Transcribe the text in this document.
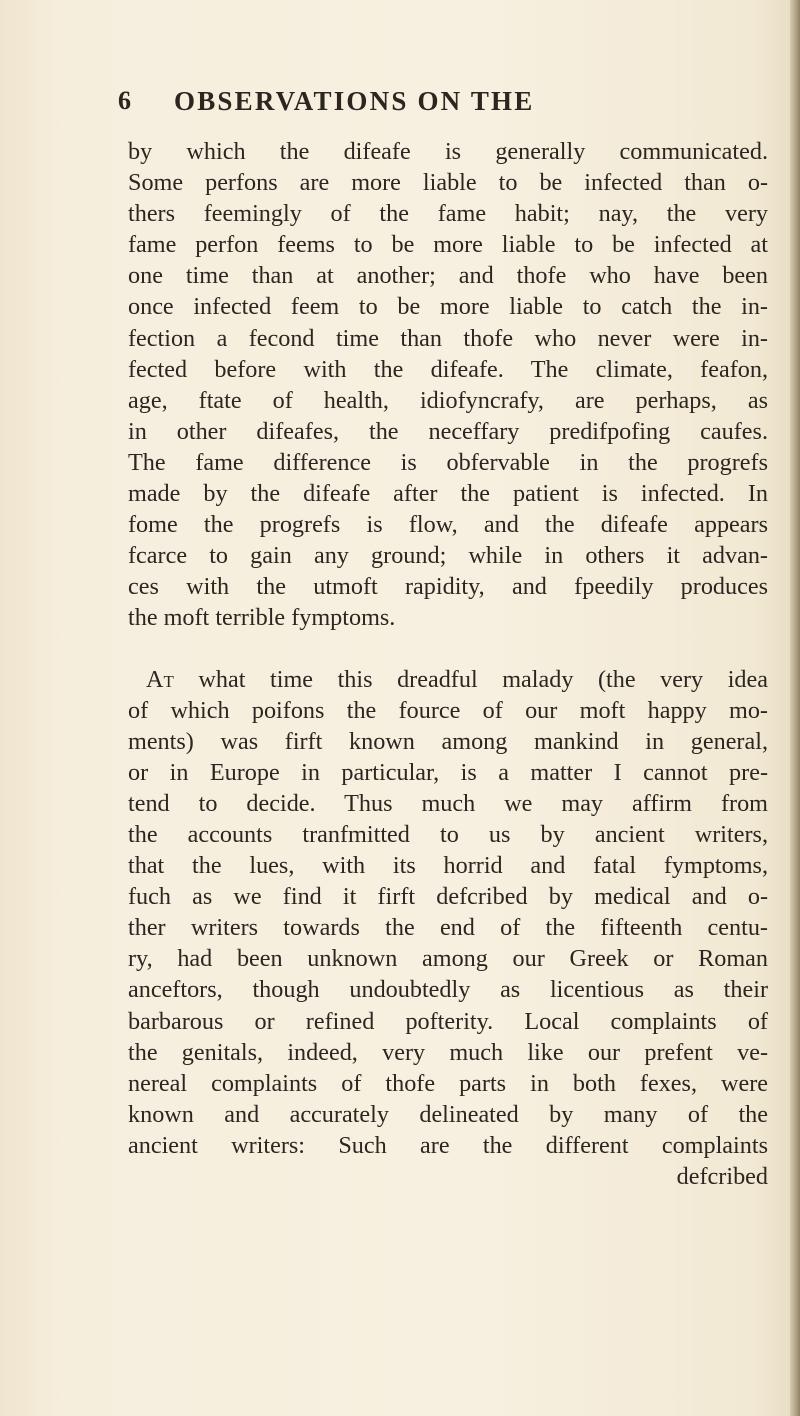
6 OBSERVATIONS ON THE
by which the difeafe is generally communicated.
Some perfons are more liable to be infected than o-
thers feemingly of the fame habit; nay, the very
fame perfon feems to be more liable to be infected at
one time than at another; and thofe who have been
once infected feem to be more liable to catch the in-
fection a fecond time than thofe who never were in-
fected before with the difeafe. The climate, feafon,
age, ftate of health, idiofyncrafy, are perhaps, as
in other difeafes, the neceffary predifpofing caufes.
The fame difference is obfervable in the progrefs
made by the difeafe after the patient is infected. In
fome the progrefs is flow, and the difeafe appears
fcarce to gain any ground; while in others it advan-
ces with the utmoft rapidity, and fpeedily produces
the moft terrible fymptoms.
At what time this dreadful malady (the very idea
of which poifons the fource of our moft happy mo-
ments) was firft known among mankind in general,
or in Europe in particular, is a matter I cannot pre-
tend to decide. Thus much we may affirm from
the accounts tranfmitted to us by ancient writers,
that the lues, with its horrid and fatal fymptoms,
fuch as we find it firft defcribed by medical and o-
ther writers towards the end of the fifteenth centu-
ry, had been unknown among our Greek or Roman
anceftors, though undoubtedly as licentious as their
barbarous or refined pofterity. Local complaints of
the genitals, indeed, very much like our prefent ve-
nereal complaints of thofe parts in both fexes, were
known and accurately delineated by many of the
ancient writers: Such are the different complaints
defcribed
